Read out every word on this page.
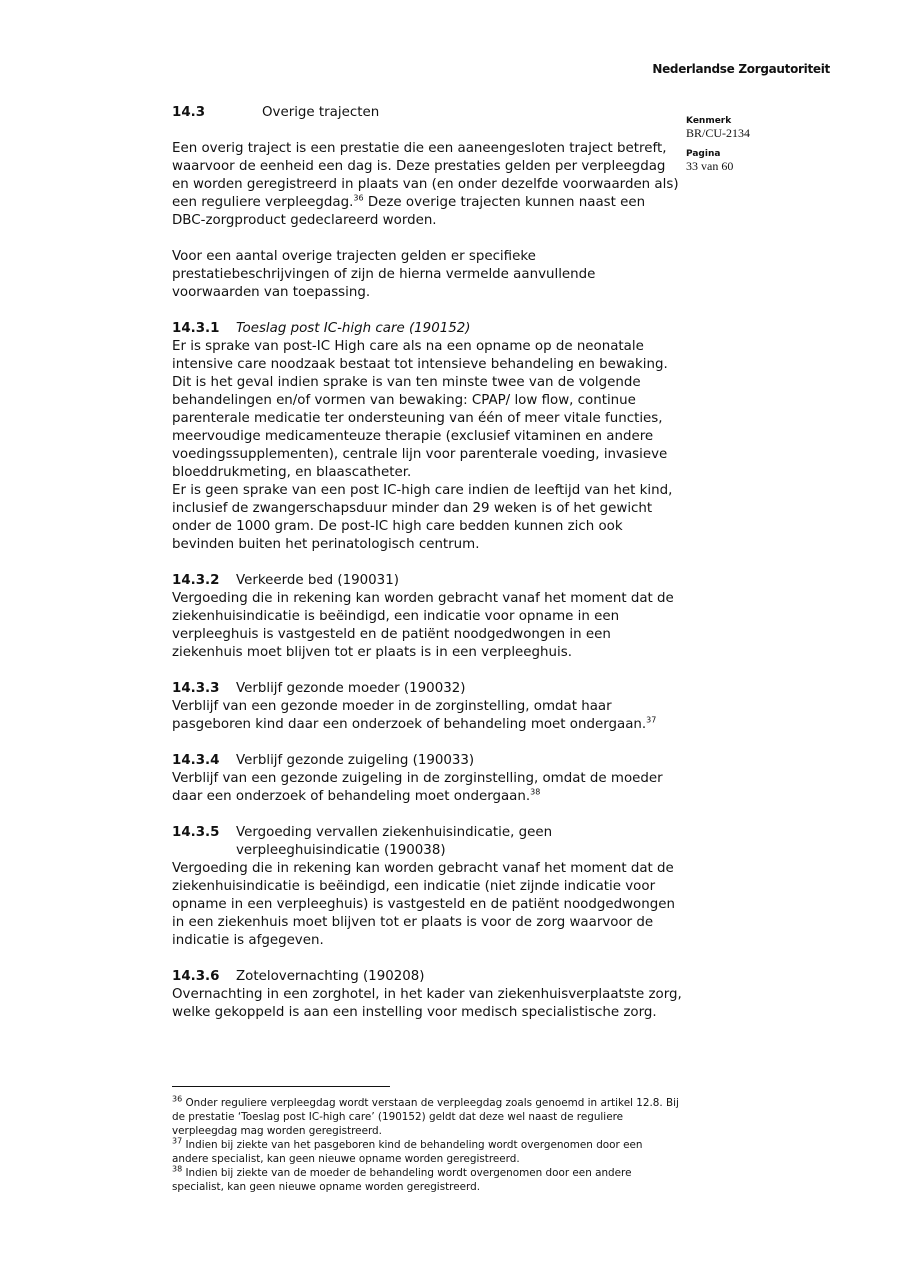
Nederlandse Zorgautoriteit

Kenmerk
BR/CU-2134
Pagina
33 van 60
14.3	Overige trajecten

Een overig traject is een prestatie die een aaneengesloten traject betreft, waarvoor de eenheid een dag is. Deze prestaties gelden per verpleegdag en worden geregistreerd in plaats van (en onder dezelfde voorwaarden als) een reguliere verpleegdag.$^{36}$ Deze overige trajecten kunnen naast een DBC-zorgproduct gedeclareerd worden.

Voor een aantal overige trajecten gelden er specifieke prestatiebeschrijvingen of zijn de hierna vermelde aanvullende voorwaarden van toepassing.

14.3.1	Toeslag post IC-high care (190152)
Er is sprake van post-IC High care als na een opname op de neonatale intensive care noodzaak bestaat tot intensieve behandeling en bewaking. Dit is het geval indien sprake is van ten minste twee van de volgende behandelingen en/of vormen van bewaking: CPAP/ low flow, continue parenterale medicatie ter ondersteuning van één of meer vitale functies, meervoudige medicamenteuze therapie (exclusief vitaminen en andere voedingssupplementen), centrale lijn voor parenterale voeding, invasieve bloeddrukmeting, en blaascatheter.
Er is geen sprake van een post IC-high care indien de leeftijd van het kind, inclusief de zwangerschapsduur minder dan 29 weken is of het gewicht onder de 1000 gram. De post-IC high care bedden kunnen zich ook bevinden buiten het perinatologisch centrum.
14.3.2	Verkeerde bed (190031)
Vergoeding die in rekening kan worden gebracht vanaf het moment dat de ziekenhuisindicatie is beëindigd, een indicatie voor opname in een verpleeghuis is vastgesteld en de patiënt noodgedwongen in een ziekenhuis moet blijven tot er plaats is in een verpleeghuis.
14.3.3	Verblijf gezonde moeder (190032)
Verblijf van een gezonde moeder in de zorginstelling, omdat haar pasgeboren kind daar een onderzoek of behandeling moet ondergaan.$^{37}$
14.3.4	Verblijf gezonde zuigeling (190033)
Verblijf van een gezonde zuigeling in de zorginstelling, omdat de moeder daar een onderzoek of behandeling moet ondergaan.$^{38}$
14.3.5	Vergoeding vervallen ziekenhuisindicatie, geen verpleeghuisindicatie (190038)
Vergoeding die in rekening kan worden gebracht vanaf het moment dat de ziekenhuisindicatie is beëindigd, een indicatie (niet zijnde indicatie voor opname in een verpleeghuis) is vastgesteld en de patiënt noodgedwongen in een ziekenhuis moet blijven tot er plaats is voor de zorg waarvoor de indicatie is afgegeven.
14.3.6	Zotelovernachting (190208)
Overnachting in een zorghotel, in het kader van ziekenhuisverplaatste zorg, welke gekoppeld is aan een instelling voor medisch specialistische zorg.

$^{36}$ Onder reguliere verpleegdag wordt verstaan de verpleegdag zoals genoemd in artikel 12.8. Bij de prestatie ‘Toeslag post IC-high care’ (190152) geldt dat deze wel naast de reguliere verpleegdag mag worden geregistreerd.

$^{37}$ Indien bij ziekte van het pasgeboren kind de behandeling wordt overgenomen door een andere specialist, kan geen nieuwe opname worden geregistreerd.

$^{38}$ Indien bij ziekte van de moeder de behandeling wordt overgenomen door een andere specialist, kan geen nieuwe opname worden geregistreerd.
